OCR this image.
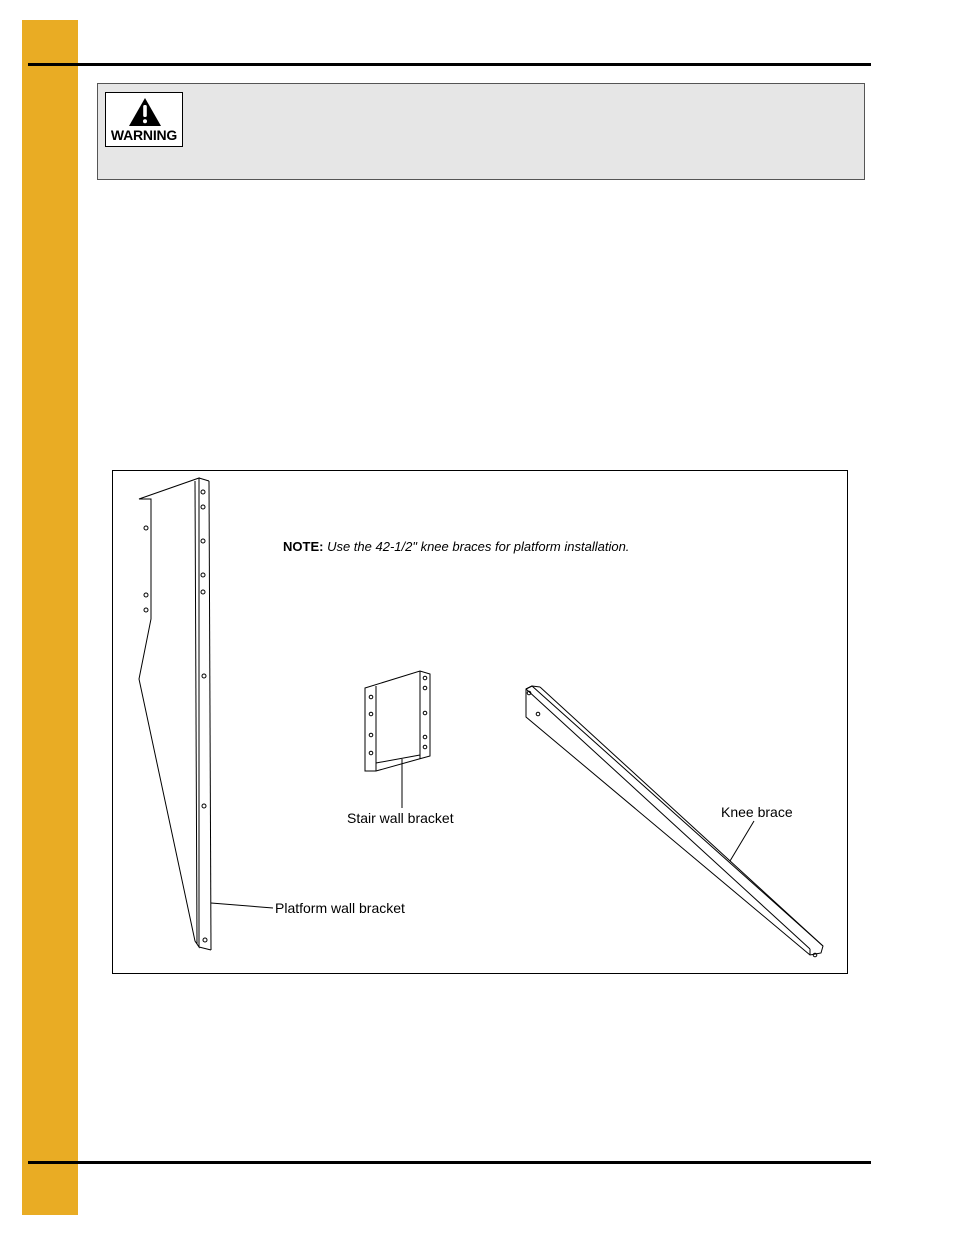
WARNING
NOTE: Use the 42-1/2" knee braces for platform installation.
Stair wall bracket	Knee brace
Platform wall bracket
